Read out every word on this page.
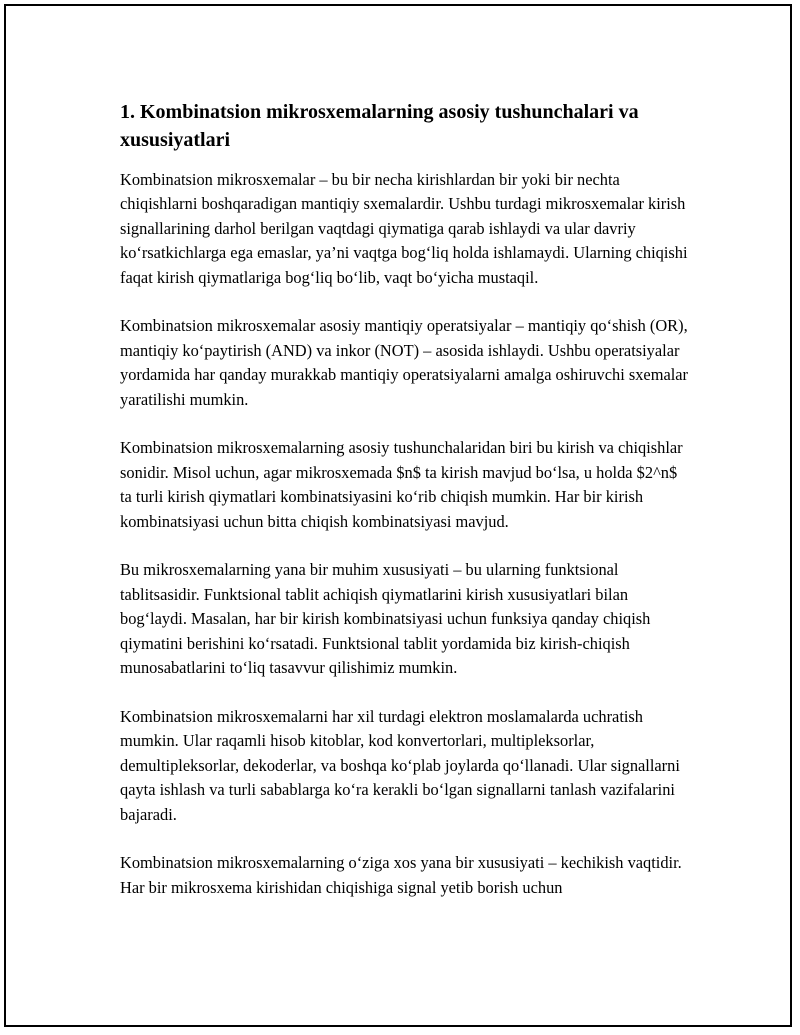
1. Kombinatsion mikrosxemalarning asosiy tushunchalari va xususiyatlari

Kombinatsion mikrosxemalar – bu bir necha kirishlardan bir yoki bir nechta chiqishlarni boshqaradigan mantiqiy sxemalardir. Ushbu turdagi mikrosxemalar kirish signallarining darhol berilgan vaqtdagi qiymatiga qarab ishlaydi va ular davriy ko‘rsatkichlarga ega emaslar, ya’ni vaqtga bog‘liq holda ishlamaydi. Ularning chiqishi faqat kirish qiymatlariga bog‘liq bo‘lib, vaqt bo‘yicha mustaqil.

Kombinatsion mikrosxemalar asosiy mantiqiy operatsiyalar – mantiqiy qo‘shish (OR), mantiqiy ko‘paytirish (AND) va inkor (NOT) – asosida ishlaydi. Ushbu operatsiyalar yordamida har qanday murakkab mantiqiy operatsiyalarni amalga oshiruvchi sxemalar yaratilishi mumkin.

Kombinatsion mikrosxemalarning asosiy tushunchalaridan biri bu kirish va chiqishlar sonidir. Misol uchun, agar mikrosxemada $n$ ta kirish mavjud bo‘lsa, u holda $2^n$ ta turli kirish qiymatlari kombinatsiyasini ko‘rib chiqish mumkin. Har bir kirish kombinatsiyasi uchun bitta chiqish kombinatsiyasi mavjud.

Bu mikrosxemalarning yana bir muhim xususiyati – bu ularning funktsional tablitsasidir. Funktsional tablit achiqish qiymatlarini kirish xususiyatlari bilan bog‘laydi. Masalan, har bir kirish kombinatsiyasi uchun funksiya qanday chiqish qiymatini berishini ko‘rsatadi. Funktsional tablit yordamida biz kirish-chiqish munosabatlarini to‘liq tasavvur qilishimiz mumkin.

Kombinatsion mikrosxemalarni har xil turdagi elektron moslamalarda uchratish mumkin. Ular raqamli hisob kitoblar, kod konvertorlari, multipleksorlar, demultipleksorlar, dekoderlar, va boshqa ko‘plab joylarda qo‘llanadi. Ular signallarni qayta ishlash va turli sabablarga ko‘ra kerakli bo‘lgan signallarni tanlash vazifalarini bajaradi.

Kombinatsion mikrosxemalarning o‘ziga xos yana bir xususiyati – kechikish vaqtidir. Har bir mikrosxema kirishidan chiqishiga signal yetib borish uchun
